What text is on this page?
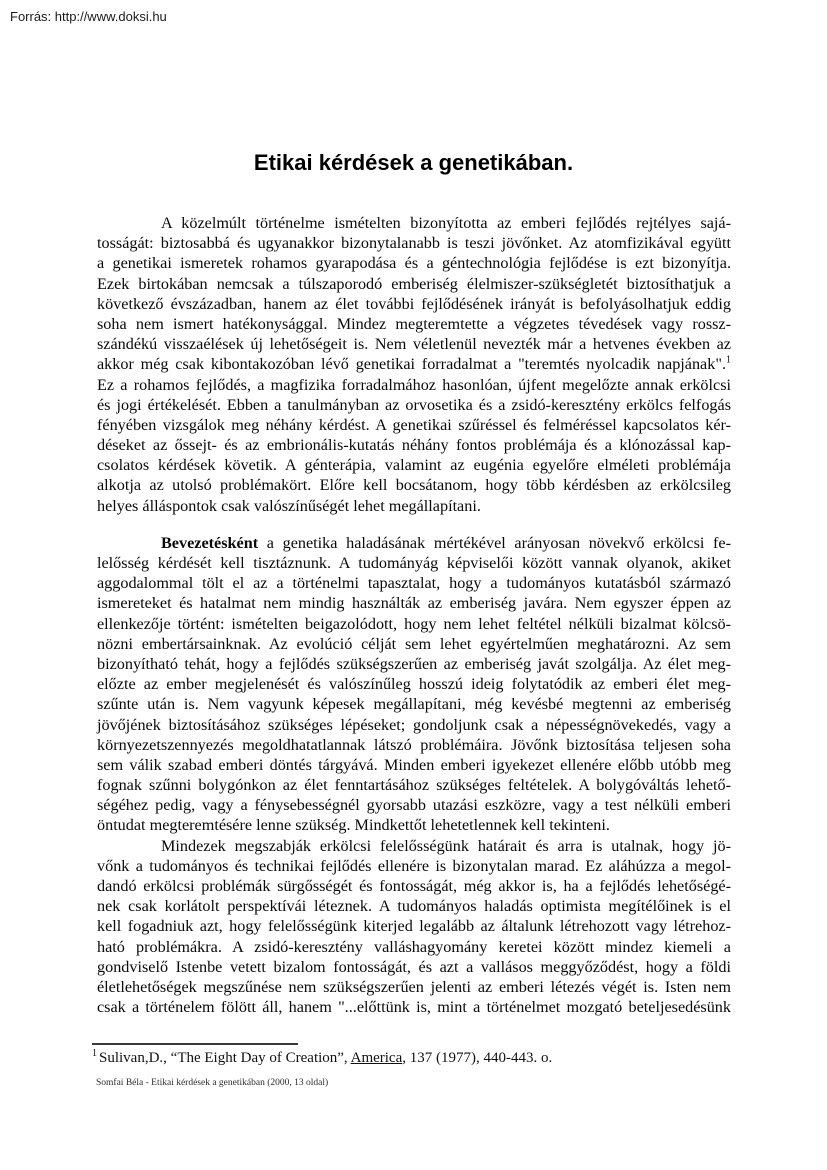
Forrás: http://www.doksi.hu
Etikai kérdések a genetikában.
A közelmúlt történelme ismételten bizonyította az emberi fejlődés rejtélyes sajá-
tosságát: biztosabbá és ugyanakkor bizonytalanabb is teszi jövőnket. Az atomfizikával együtt
a genetikai ismeretek rohamos gyarapodása és a géntechnológia fejlődése is ezt bizonyítja.
Ezek birtokában nemcsak a túlszaporodó emberiség élelmiszer-szükségletét biztosíthatjuk a
következő évszázadban, hanem az élet további fejlődésének irányát is befolyásolhatjuk eddig
soha nem ismert hatékonysággal. Mindez megteremtette a végzetes tévedések vagy rossz-
szándékú visszaélések új lehetőségeit is. Nem véletlenül nevezték már a hetvenes években az
akkor még csak kibontakozóban lévő genetikai forradalmat a "teremtés nyolcadik napjának".$^1$
Ez a rohamos fejlődés, a magfizika forradalmához hasonlóan, újfent megelőzte annak erkölcsi
és jogi értékelését. Ebben a tanulmányban az orvosetika és a zsidó-keresztény erkölcs felfogás
fényében vizsgálok meg néhány kérdést. A genetikai szűréssel és felméréssel kapcsolatos kér-
déseket az őssejt- és az embrionális-kutatás néhány fontos problémája és a klónozással kap-
csolatos kérdések követik. A génterápia, valamint az eugénia egyelőre elméleti problémája
alkotja az utolsó problémakört. Előre kell bocsátanom, hogy több kérdésben az erkölcsileg
helyes álláspontok csak valószínűségét lehet megállapítani.
Bevezetésként a genetika haladásának mértékével arányosan növekvő erkölcsi fe-
lelősség kérdését kell tisztáznunk. A tudományág képviselői között vannak olyanok, akiket
aggodalommal tölt el az a történelmi tapasztalat, hogy a tudományos kutatásból származó
ismereteket és hatalmat nem mindig használták az emberiség javára. Nem egyszer éppen az
ellenkezője történt: ismételten beigazolódott, hogy nem lehet feltétel nélküli bizalmat kölcsö-
nözni embertársainknak. Az evolúció célját sem lehet egyértelműen meghatározni. Az sem
bizonyítható tehát, hogy a fejlődés szükségszerűen az emberiség javát szolgálja. Az élet meg-
előzte az ember megjelenését és valószínűleg hosszú ideig folytatódik az emberi élet meg-
szűnte után is. Nem vagyunk képesek megállapítani, még kevésbé megtenni az emberiség
jövőjének biztosításához szükséges lépéseket; gondoljunk csak a népességnövekedés, vagy a
környezetszennyezés megoldhatatlannak látszó problémáira. Jövőnk biztosítása teljesen soha
sem válik szabad emberi döntés tárgyává. Minden emberi igyekezet ellenére előbb utóbb meg
fognak szűnni bolygónkon az élet fenntartásához szükséges feltételek. A bolygóváltás lehető-
ségéhez pedig, vagy a fénysebességnél gyorsabb utazási eszközre, vagy a test nélküli emberi
öntudat megteremtésére lenne szükség. Mindkettőt lehetetlennek kell tekinteni.
Mindezek megszabják erkölcsi felelősségünk határait és arra is utalnak, hogy jö-
vőnk a tudományos és technikai fejlődés ellenére is bizonytalan marad. Ez aláhúzza a megol-
dandó erkölcsi problémák sürgősségét és fontosságát, még akkor is, ha a fejlődés lehetőségé-
nek csak korlátolt perspektívái léteznek. A tudományos haladás optimista megítélőinek is el
kell fogadniuk azt, hogy felelősségünk kiterjed legalább az általunk létrehozott vagy létrehoz-
ható problémákra. A zsidó-keresztény valláshagyomány keretei között mindez kiemeli a
gondviselő Istenbe vetett bizalom fontosságát, és azt a vallásos meggyőződést, hogy a földi
életlehetőségek megszűnése nem szükségszerűen jelenti az emberi létezés végét is. Isten nem
csak a történelem fölött áll, hanem "...előttünk is, mint a történelmet mozgató beteljesedésünk
$^1$ Sulivan,D., “The Eight Day of Creation”, America, 137 (1977), 440-443. o.
Somfai Béla - Etikai kérdések a genetikában (2000, 13 oldal)
